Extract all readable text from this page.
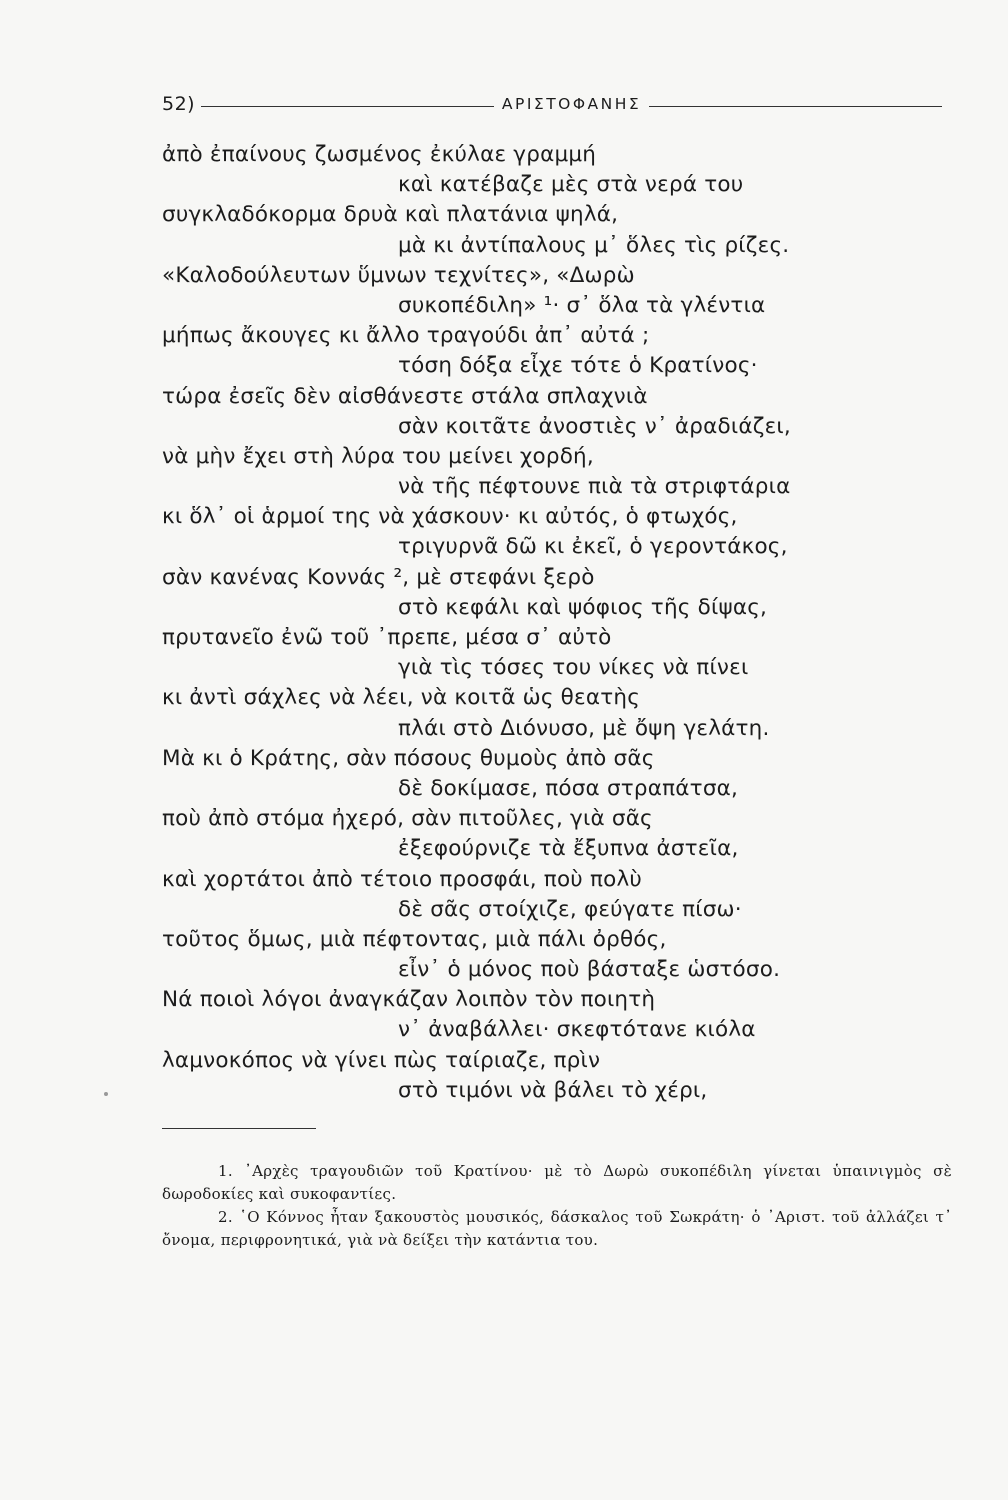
52)	ΑΡΙΣΤΟΦΑΝΗΣ
ἀπὸ ἐπαίνους ζωσμένος ἐκύλαε γραμμή
καὶ κατέβαζε μὲς στὰ νερά του
συγκλαδόκορμα δρυὰ καὶ πλατάνια ψηλά,
μὰ κι ἀντίπαλους μ᾿ ὅλες τὶς ρίζες.
«Καλοδούλευτων ὕμνων τεχνίτες», «Δωρὼ
συκοπέδιλη» ¹· σ᾿ ὅλα τὰ γλέντια
μήπως ἄκουγες κι ἄλλο τραγούδι ἀπ᾿ αὐτά ;
τόση δόξα εἶχε τότε ὁ Κρατίνος·
τώρα ἐσεῖς δὲν αἰσθάνεστε στάλα σπλαχνιὰ
σὰν κοιτᾶτε ἀνοστιὲς ν᾿ ἀραδιάζει,
νὰ μὴν ἔχει στὴ λύρα του μείνει χορδή,
νὰ τῆς πέφτουνε πιὰ τὰ στριφτάρια
κι ὅλ᾿ οἱ ἁρμοί της νὰ χάσκουν· κι αὐτός, ὁ φτωχός,
τριγυρνᾶ δῶ κι ἐκεῖ, ὁ γεροντάκος,
σὰν κανένας Κοννάς ², μὲ στεφάνι ξερὸ
στὸ κεφάλι καὶ ψόφιος τῆς δίψας,
πρυτανεῖο ἐνῶ τοῦ ᾿πρεπε, μέσα σ᾿ αὐτὸ
γιὰ τὶς τόσες του νίκες νὰ πίνει
κι ἀντὶ σάχλες νὰ λέει, νὰ κοιτᾶ ὡς θεατὴς
πλάι στὸ Διόνυσο, μὲ ὄψη γελάτη.
Μὰ κι ὁ Κράτης, σὰν πόσους θυμοὺς ἀπὸ σᾶς
δὲ δοκίμασε, πόσα στραπάτσα,
ποὺ ἀπὸ στόμα ἠχερό, σὰν πιτοῦλες, γιὰ σᾶς
ἐξεφούρνιζε τὰ ἔξυπνα ἀστεῖα,
καὶ χορτάτοι ἀπὸ τέτοιο προσφάι, ποὺ πολὺ
δὲ σᾶς στοίχιζε, φεύγατε πίσω·
τοῦτος ὅμως, μιὰ πέφτοντας, μιὰ πάλι ὀρθός,
εἶν᾿ ὁ μόνος ποὺ βάσταξε ὡστόσο.
Νά ποιοὶ λόγοι ἀναγκάζαν λοιπὸν τὸν ποιητὴ
ν᾿ ἀναβάλλει· σκεφτότανε κιόλα
λαμνοκόπος νὰ γίνει πὼς ταίριαζε, πρὶν
στὸ τιμόνι νὰ βάλει τὸ χέρι,
1. ᾿Αρχὲς τραγουδιῶν τοῦ Κρατίνου· μὲ τὸ Δωρὼ συκοπέδιλη γίνεται ὑπαινιγμὸς σὲ δωροδοκίες καὶ συκοφαντίες.
2. ῾Ο Κόννος ἦταν ξακουστὸς μουσικός, δάσκαλος τοῦ Σωκράτη· ὁ ᾿Αριστ. τοῦ ἀλλάζει τ᾿ ὄνομα, περιφρονητικά, γιὰ νὰ δείξει τὴν κατάντια του.
